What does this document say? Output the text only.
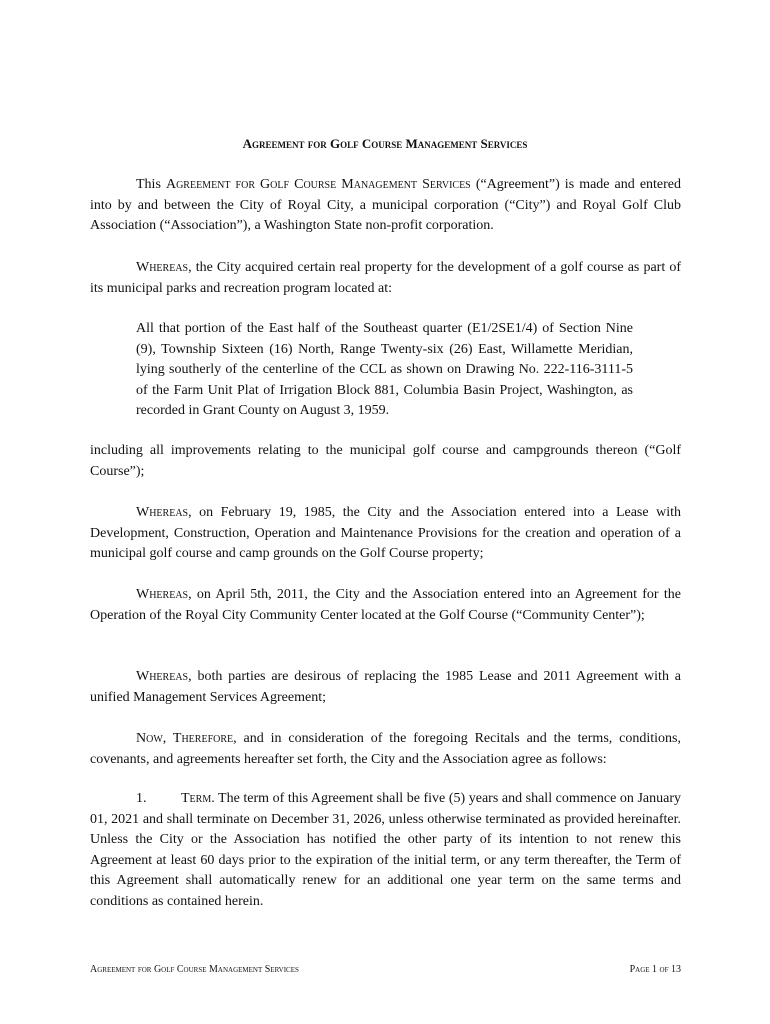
Agreement for Golf Course Management Services

This Agreement for Golf Course Management Services (“Agreement”) is made and entered into by and between the City of Royal City, a municipal corporation (“City”) and Royal Golf Club Association (“Association”), a Washington State non-profit corporation.

Whereas, the City acquired certain real property for the development of a golf course as part of its municipal parks and recreation program located at:

All that portion of the East half of the Southeast quarter (E1/2SE1/4) of Section Nine (9), Township Sixteen (16) North, Range Twenty-six (26) East, Willamette Meridian, lying southerly of the centerline of the CCL as shown on Drawing No. 222-116-3111-5 of the Farm Unit Plat of Irrigation Block 881, Columbia Basin Project, Washington, as recorded in Grant County on August 3, 1959.

including all improvements relating to the municipal golf course and campgrounds thereon (“Golf Course”);

Whereas, on February 19, 1985, the City and the Association entered into a Lease with Development, Construction, Operation and Maintenance Provisions for the creation and operation of a municipal golf course and camp grounds on the Golf Course property;

Whereas, on April 5th, 2011, the City and the Association entered into an Agreement for the Operation of the Royal City Community Center located at the Golf Course (“Community Center”);

Whereas, both parties are desirous of replacing the 1985 Lease and 2011 Agreement with a unified Management Services Agreement;

Now, Therefore, and in consideration of the foregoing Recitals and the terms, conditions, covenants, and agreements hereafter set forth, the City and the Association agree as follows:

1. Term. The term of this Agreement shall be five (5) years and shall commence on January 01, 2021 and shall terminate on December 31, 2026, unless otherwise terminated as provided hereinafter. Unless the City or the Association has notified the other party of its intention to not renew this Agreement at least 60 days prior to the expiration of the initial term, or any term thereafter, the Term of this Agreement shall automatically renew for an additional one year term on the same terms and conditions as contained herein.

Agreement for Golf Course Management Services	Page 1 of 13
